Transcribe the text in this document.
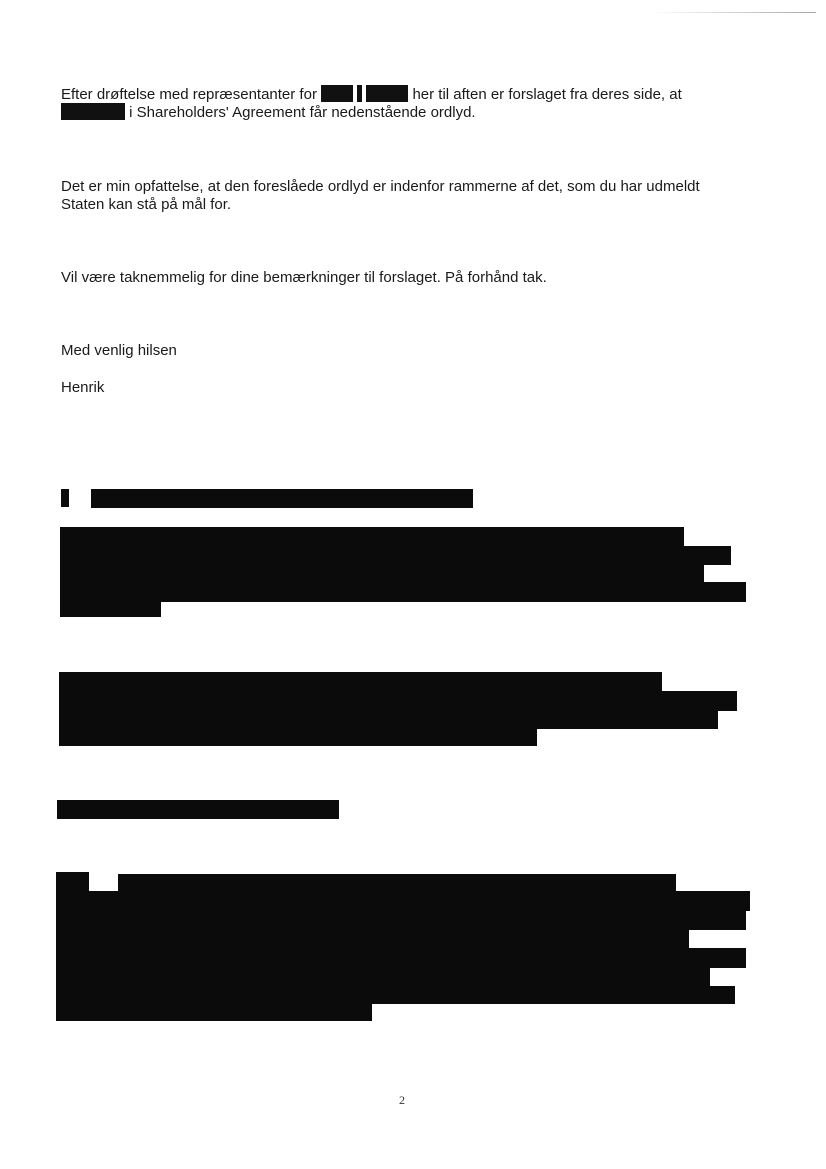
Efter drøftelse med repræsentanter for	her til aften er forslaget fra deres side, at

i Shareholders' Agreement får nedenstående ordlyd.

Det er min opfattelse, at den foreslåede ordlyd er indenfor rammerne af det, som du har udmeldt

Staten kan stå på mål for.

Vil være taknemmelig for dine bemærkninger til forslaget. På forhånd tak.

Med venlig hilsen

Henrik

2
